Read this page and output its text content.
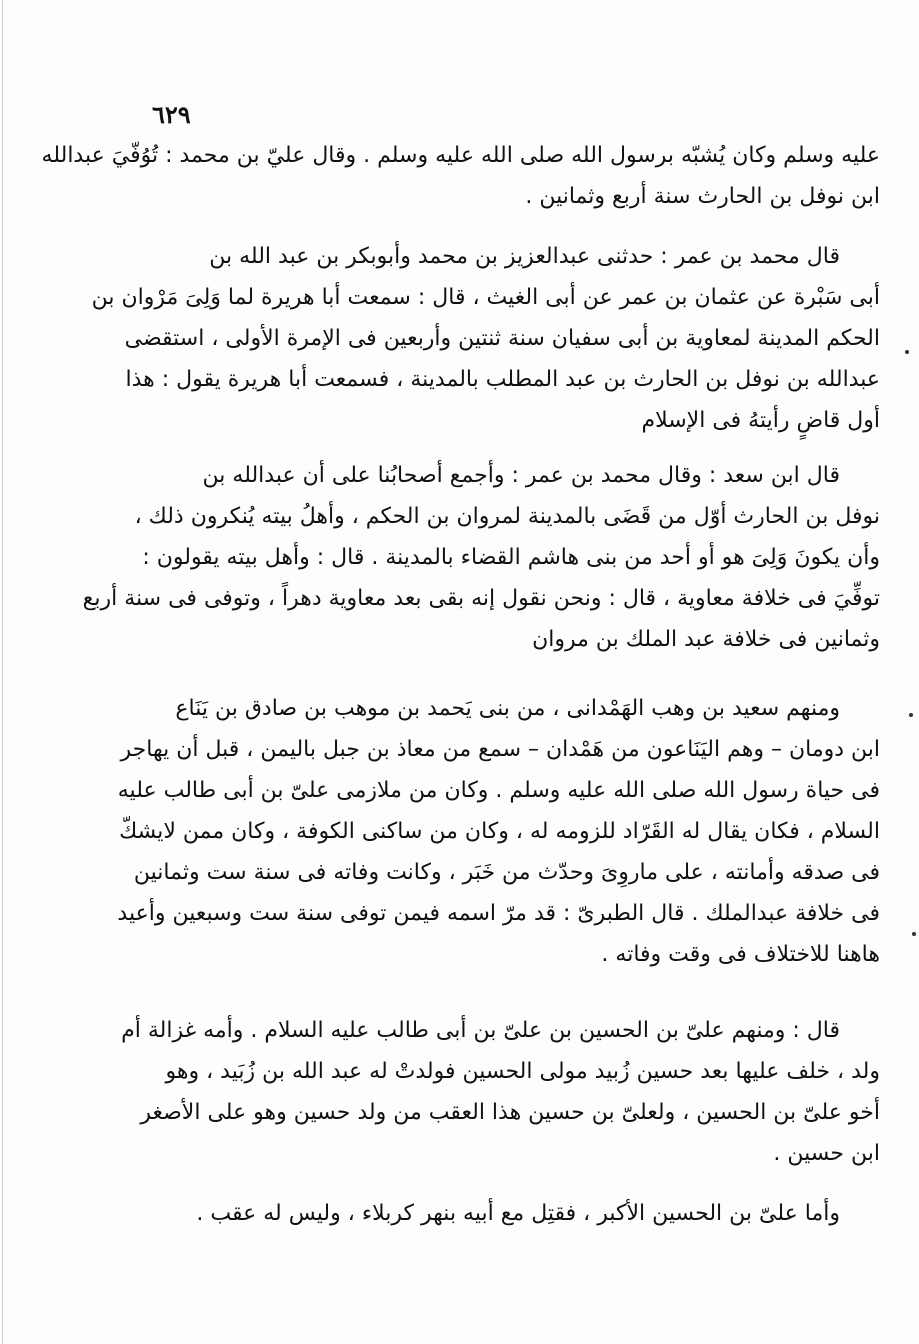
٦٢٩
عليه وسلم وكان يُشبّه برسول الله صلى الله عليه وسلم . وقال عليّ بن محمد : تُوُفّيَ عبدالله
ابن نوفل بن الحارث سنة أربع وثمانين .
قال محمد بن عمر : حدثنى عبدالعزيز بن محمد وأبوبكر بن عبد الله بن
أبى سَبْرة عن عثمان بن عمر عن أبى الغيث ، قال : سمعت أبا هريرة لما وَلِىَ مَرْوان بن
الحكم المدينة لمعاوية بن أبى سفيان سنة ثنتين وأربعين فى الإمرة الأولى ، استقضى
عبدالله بن نوفل بن الحارث بن عبد المطلب بالمدينة ، فسمعت أبا هريرة يقول : هذا
أول قاضٍ رأيتهُ فى الإسلام
قال ابن سعد : وقال محمد بن عمر : وأجمع أصحابُنا على أن عبدالله بن
نوفل بن الحارث أوّل من قَضَى بالمدينة لمروان بن الحكم ، وأهلُ بيته يُنكرون ذلك ،
وأن يكونَ وَلِىَ هو أو أحد من بنى هاشم القضاء بالمدينة . قال : وأهل بيته يقولون :
توفِّيَ فى خلافة معاوية ، قال : ونحن نقول إنه بقى بعد معاوية دهراً ، وتوفى فى سنة أربع
وثمانين فى خلافة عبد الملك بن مروان
ومنهم سعيد بن وهب الهَمْدانى ، من بنى يَحمد بن موهب بن صادق بن يَنَاع
ابن دومان – وهم اليَنَاعون من هَمْدان – سمع من معاذ بن جبل باليمن ، قبل أن يهاجر
فى حياة رسول الله صلى الله عليه وسلم . وكان من ملازمى علىّ بن أبى طالب عليه
السلام ، فكان يقال له القَرّاد للزومه له ، وكان من ساكنى الكوفة ، وكان ممن لايشكّ
فى صدقه وأمانته ، على ماروِىَ وحدّث من خَبَر ، وكانت وفاته فى سنة ست وثمانين
فى خلافة عبدالملك . قال الطبرىّ : قد مرّ اسمه فيمن توفى سنة ست وسبعين وأعيد
هاهنا للاختلاف فى وقت وفاته .
قال : ومنهم علىّ بن الحسين بن علىّ بن أبى طالب عليه السلام . وأمه غزالة أم
ولد ، خلف عليها بعد حسين زُبيد مولى الحسين فولدتْ له عبد الله بن زُبَيد ، وهو
أخو علىّ بن الحسين ، ولعلىّ بن حسين هذا العقب من ولد حسين وهو على الأصغر
ابن حسين .
وأما علىّ بن الحسين الأكبر ، فقتِل مع أبيه بنهر كربلاء ، وليس له عقب .
